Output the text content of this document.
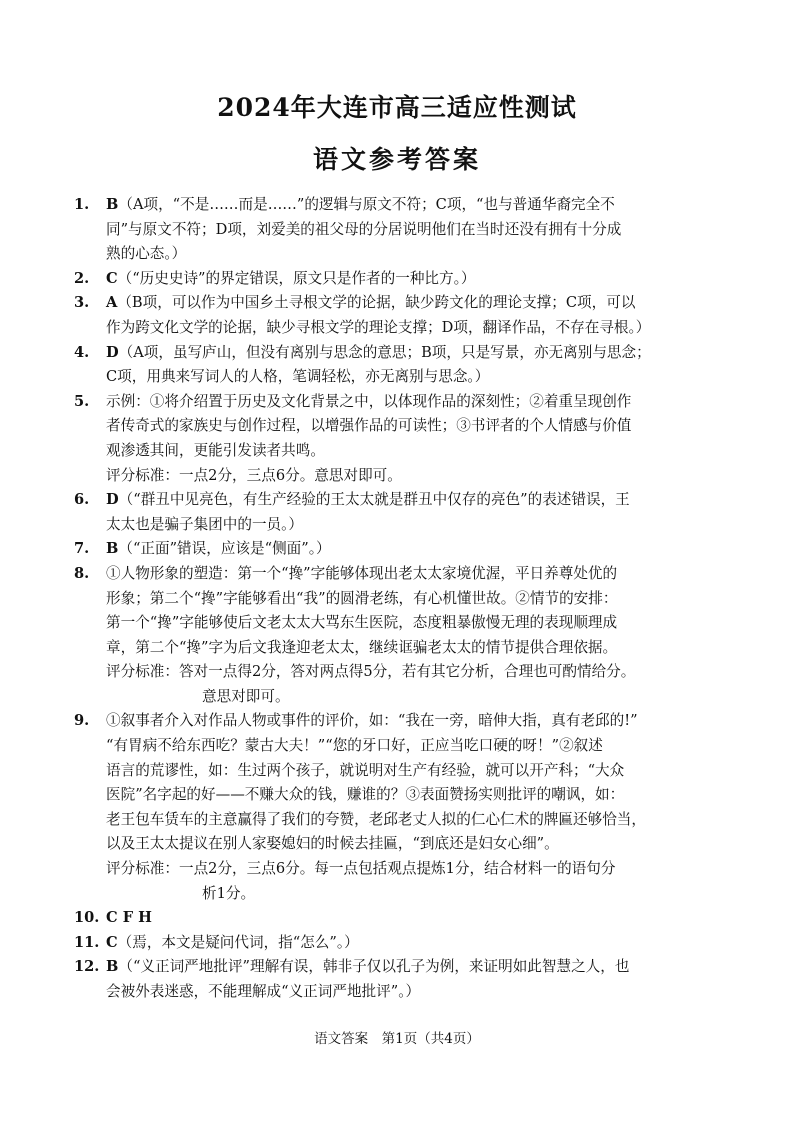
2024年大连市高三适应性测试
语文参考答案
1. B（A项，“不是……而是……”的逻辑与原文不符；C项，“也与普通华裔完全不
同”与原文不符；D项，刘爱美的祖父母的分居说明他们在当时还没有拥有十分成
熟的心态。）
2. C（“历史史诗”的界定错误，原文只是作者的一种比方。）
3. A（B项，可以作为中国乡土寻根文学的论据，缺少跨文化的理论支撑；C项，可以
作为跨文化文学的论据，缺少寻根文学的理论支撑；D项，翻译作品，不存在寻根。）
4. D（A项，虽写庐山，但没有离别与思念的意思；B项，只是写景，亦无离别与思念；
C项，用典来写词人的人格，笔调轻松，亦无离别与思念。）
5. 示例：①将介绍置于历史及文化背景之中，以体现作品的深刻性；②着重呈现创作
者传奇式的家族史与创作过程，以增强作品的可读性；③书评者的个人情感与价值
观渗透其间，更能引发读者共鸣。
评分标准：一点2分，三点6分。意思对即可。
6. D（“群丑中见亮色，有生产经验的王太太就是群丑中仅存的亮色”的表述错误，王
太太也是骗子集团中的一员。）
7. B（“正面”错误，应该是“侧面”。）
8. ①人物形象的塑造：第一个“搀”字能够体现出老太太家境优渥，平日养尊处优的
形象；第二个“搀”字能够看出“我”的圆滑老练，有心机懂世故。②情节的安排：
第一个“搀”字能够使后文老太太大骂东生医院，态度粗暴傲慢无理的表现顺理成
章，第二个“搀”字为后文我逢迎老太太，继续诓骗老太太的情节提供合理依据。
评分标准：答对一点得2分，答对两点得5分，若有其它分析，合理也可酌情给分。
意思对即可。
9. ①叙事者介入对作品人物或事件的评价，如：“我在一旁，暗伸大指，真有老邱的!”
“有胃病不给东西吃？蒙古大夫！”“您的牙口好，正应当吃口硬的呀！”②叙述
语言的荒谬性，如：生过两个孩子，就说明对生产有经验，就可以开产科；“大众
医院”名字起的好——不赚大众的钱，赚谁的？③表面赞扬实则批评的嘲讽，如：
老王包车赁车的主意赢得了我们的夸赞，老邱老丈人拟的仁心仁术的牌匾还够恰当，
以及王太太提议在别人家娶媳妇的时候去挂匾，“到底还是妇女心细”。
评分标准：一点2分，三点6分。每一点包括观点提炼1分，结合材料一的语句分
析1分。
10. C F H
11. C（焉，本文是疑问代词，指“怎么”。）
12. B（“义正词严地批评”理解有误，韩非子仅以孔子为例，来证明如此智慧之人，也
会被外表迷惑，不能理解成“义正词严地批评”。）
语文答案　第1页（共4页）
